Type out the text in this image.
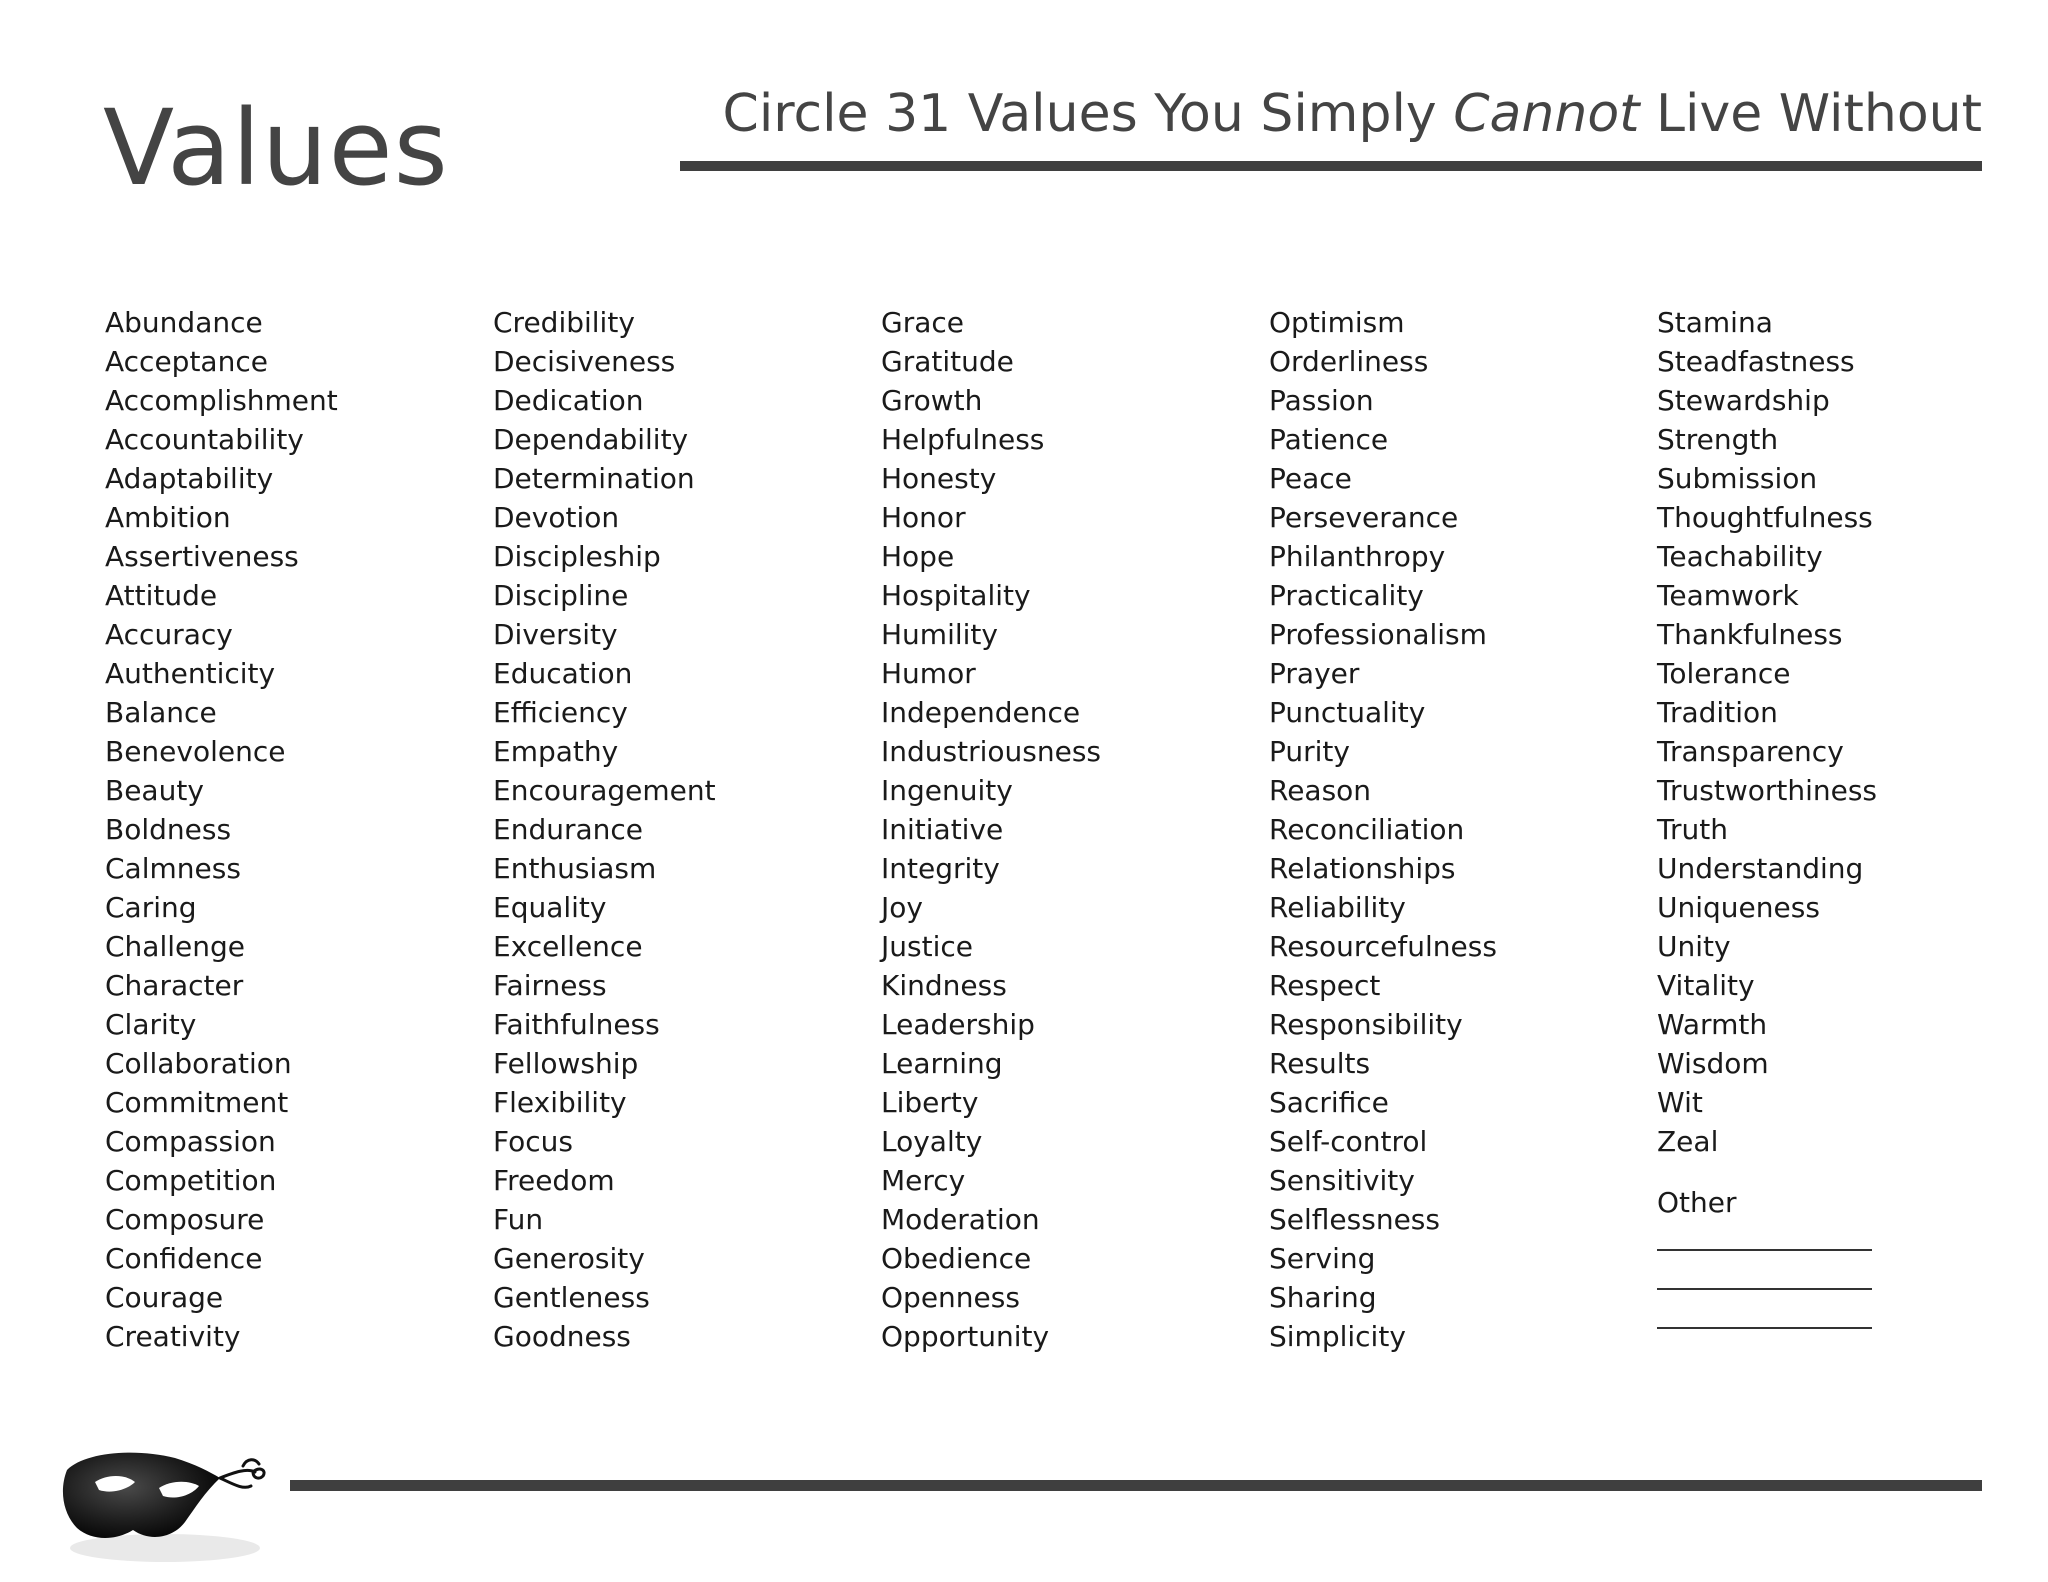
Values	Circle 31 Values You Simply Cannot Live Without
Abundance
Acceptance
Accomplishment
Accountability
Adaptability
Ambition
Assertiveness
Attitude
Accuracy
Authenticity
Balance
Benevolence
Beauty
Boldness
Calmness
Caring
Challenge
Character
Clarity
Collaboration
Commitment
Compassion
Competition
Composure
Confidence
Courage
Creativity
Credibility
Decisiveness
Dedication
Dependability
Determination
Devotion
Discipleship
Discipline
Diversity
Education
Efficiency
Empathy
Encouragement
Endurance
Enthusiasm
Equality
Excellence
Fairness
Faithfulness
Fellowship
Flexibility
Focus
Freedom
Fun
Generosity
Gentleness
Goodness
Grace
Gratitude
Growth
Helpfulness
Honesty
Honor
Hope
Hospitality
Humility
Humor
Independence
Industriousness
Ingenuity
Initiative
Integrity
Joy
Justice
Kindness
Leadership
Learning
Liberty
Loyalty
Mercy
Moderation
Obedience
Openness
Opportunity
Optimism
Orderliness
Passion
Patience
Peace
Perseverance
Philanthropy
Practicality
Professionalism
Prayer
Punctuality
Purity
Reason
Reconciliation
Relationships
Reliability
Resourcefulness
Respect
Responsibility
Results
Sacrifice
Self-control
Sensitivity
Selflessness
Serving
Sharing
Simplicity
Stamina
Steadfastness
Stewardship
Strength
Submission
Thoughtfulness
Teachability
Teamwork
Thankfulness
Tolerance
Tradition
Transparency
Trustworthiness
Truth
Understanding
Uniqueness
Unity
Vitality
Warmth
Wisdom
Wit
Zeal
Other
